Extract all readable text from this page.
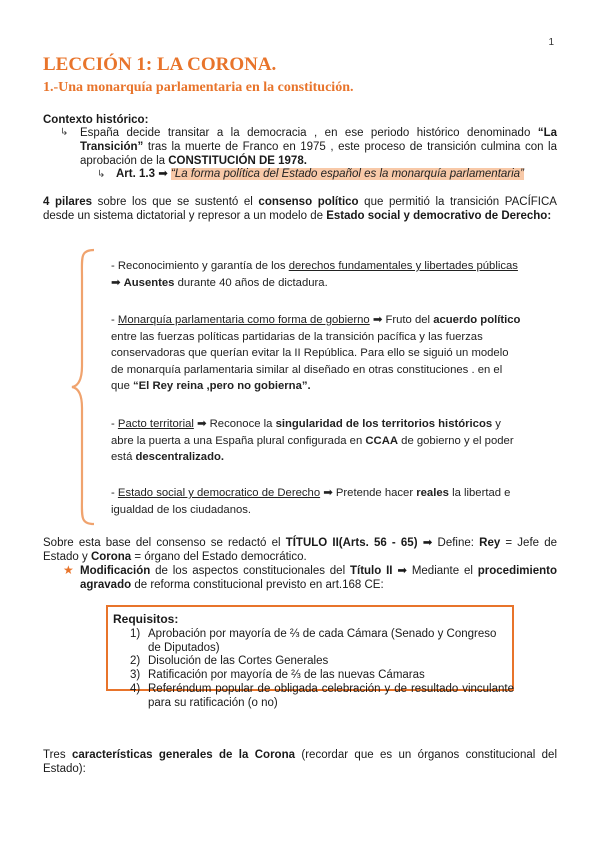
1
LECCIÓN 1: LA CORONA.
1.-Una monarquía parlamentaria en la constitución.
Contexto histórico:
↳ España decide transitar a la democracia , en ese periodo histórico denominado “La Transición” tras la muerte de Franco en 1975 , este proceso de transición culmina con la aprobación de la CONSTITUCIÓN DE 1978.
↳ Art. 1.3 ➡ “La forma política del Estado español es la monarquía parlamentaria”
4 pilares sobre los que se sustentó el consenso político que permitió la transición PACÍFICA desde un sistema dictatorial y represor a un modelo de Estado social y democrativo de Derecho:
- Reconocimiento y garantía de los derechos fundamentales y libertades públicas ➡ Ausentes durante 40 años de dictadura.
- Monarquía parlamentaria como forma de gobierno ➡ Fruto del acuerdo político entre las fuerzas políticas partidarias de la transición pacífica y las fuerzas conservadoras que querían evitar la II República. Para ello se siguió un modelo de monarquía parlamentaria similar al diseñado en otras constituciones . en el que “El Rey reina ,pero no gobierna”.
- Pacto territorial ➡ Reconoce la singularidad de los territorios históricos y abre la puerta a una España plural configurada en CCAA de gobierno y el poder está descentralizado.
- Estado social y democratico de Derecho ➡ Pretende hacer reales la libertad e igualdad de los ciudadanos.
Sobre esta base del consenso se redactó el TÍTULO II(Arts. 56 - 65) ➡ Define: Rey = Jefe de Estado y Corona = órgano del Estado democrático.
★ Modificación de los aspectos constitucionales del Título II ➡ Mediante el procedimiento agravado de reforma constitucional previsto en art.168 CE:
Requisitos:
1) Aprobación por mayoría de ⅔ de cada Cámara (Senado y Congreso de Diputados)
2) Disolución de las Cortes Generales
3) Ratificación por mayoría de ⅔ de las nuevas Cámaras
4) Referéndum popular de obligada celebración y de resultado vinculante para su ratificación (o no)
Tres características generales de la Corona (recordar que es un órganos constitucional del Estado):
